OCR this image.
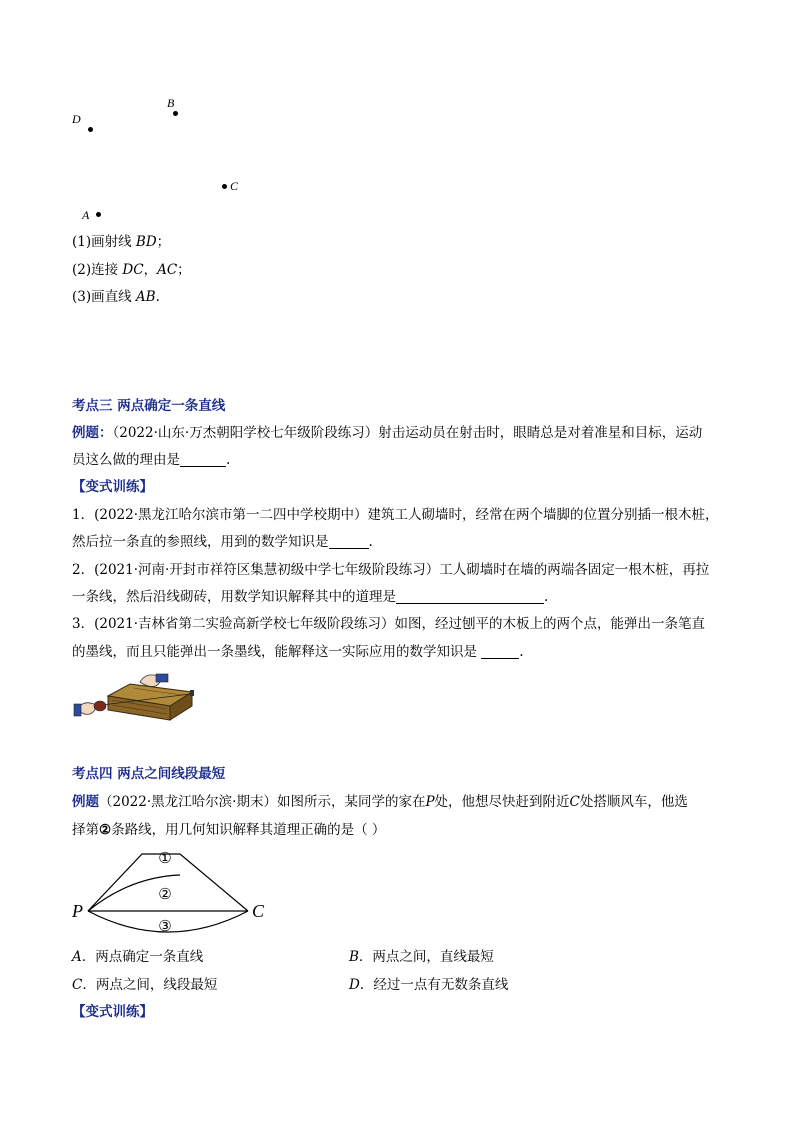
B
D
C
A
(1)画射线 BD；
(2)连接 DC，AC；
(3)画直线 AB.
考点三 两点确定一条直线
例题：（2022·山东·万杰朝阳学校七年级阶段练习）射击运动员在射击时，眼睛总是对着准星和目标，运动
员这么做的理由是	.
【变式训练】
1．(2022·黑龙江哈尔滨市第一二四中学校期中）建筑工人砌墙时，经常在两个墙脚的位置分别插一根木桩，
然后拉一条直的参照线，用到的数学知识是	.
2．(2021·河南·开封市祥符区集慧初级中学七年级阶段练习）工人砌墙时在墙的两端各固定一根木桩，再拉
一条线，然后沿线砌砖，用数学知识解释其中的道理是	.
3．(2021·吉林省第二实验高新学校七年级阶段练习）如图，经过刨平的木板上的两个点，能弹出一条笔直
的墨线，而且只能弹出一条墨线，能解释这一实际应用的数学知识是	.
考点四 两点之间线段最短
例题（2022·黑龙江哈尔滨·期末）如图所示，某同学的家在P处，他想尽快赶到附近C处搭顺风车，他选
择第②条路线，用几何知识解释其道理正确的是（ ）
①
②
③
P	C
A．两点确定一条直线	B．两点之间，直线最短
C．两点之间，线段最短	D．经过一点有无数条直线
【变式训练】
